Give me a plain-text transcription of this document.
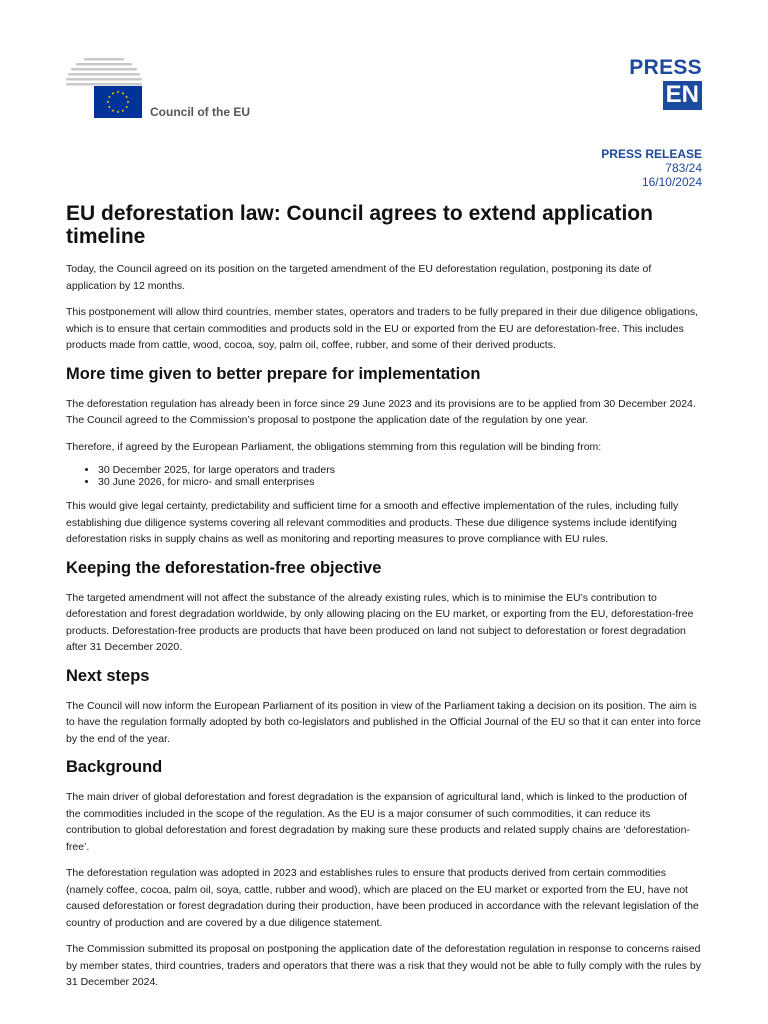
Council of the EU
PRESS
EN
PRESS RELEASE
783/24
16/10/2024
EU deforestation law: Council agrees to extend application timeline

Today, the Council agreed on its position on the targeted amendment of the EU deforestation regulation, postponing its date of application by 12 months.

This postponement will allow third countries, member states, operators and traders to be fully prepared in their due diligence obligations, which is to ensure that certain commodities and products sold in the EU or exported from the EU are deforestation-free. This includes products made from cattle, wood, cocoa, soy, palm oil, coffee, rubber, and some of their derived products.

More time given to better prepare for implementation

The deforestation regulation has already been in force since 29 June 2023 and its provisions are to be applied from 30 December 2024. The Council agreed to the Commission’s proposal to postpone the application date of the regulation by one year.

Therefore, if agreed by the European Parliament, the obligations stemming from this regulation will be binding from:

• 30 December 2025, for large operators and traders
• 30 June 2026, for micro- and small enterprises

This would give legal certainty, predictability and sufficient time for a smooth and effective implementation of the rules, including fully establishing due diligence systems covering all relevant commodities and products. These due diligence systems include identifying deforestation risks in supply chains as well as monitoring and reporting measures to prove compliance with EU rules.

Keeping the deforestation-free objective

The targeted amendment will not affect the substance of the already existing rules, which is to minimise the EU’s contribution to deforestation and forest degradation worldwide, by only allowing placing on the EU market, or exporting from the EU, deforestation-free products. Deforestation-free products are products that have been produced on land not subject to deforestation or forest degradation after 31 December 2020.

Next steps

The Council will now inform the European Parliament of its position in view of the Parliament taking a decision on its position. The aim is to have the regulation formally adopted by both co-legislators and published in the Official Journal of the EU so that it can enter into force by the end of the year.

Background

The main driver of global deforestation and forest degradation is the expansion of agricultural land, which is linked to the production of the commodities included in the scope of the regulation. As the EU is a major consumer of such commodities, it can reduce its contribution to global deforestation and forest degradation by making sure these products and related supply chains are ‘deforestation-free’.

The deforestation regulation was adopted in 2023 and establishes rules to ensure that products derived from certain commodities (namely coffee, cocoa, palm oil, soya, cattle, rubber and wood), which are placed on the EU market or exported from the EU, have not caused deforestation or forest degradation during their production, have been produced in accordance with the relevant legislation of the country of production and are covered by a due diligence statement.

The Commission submitted its proposal on postponing the application date of the deforestation regulation in response to concerns raised by member states, third countries, traders and operators that there was a risk that they would not be able to fully comply with the rules by 31 December 2024.
